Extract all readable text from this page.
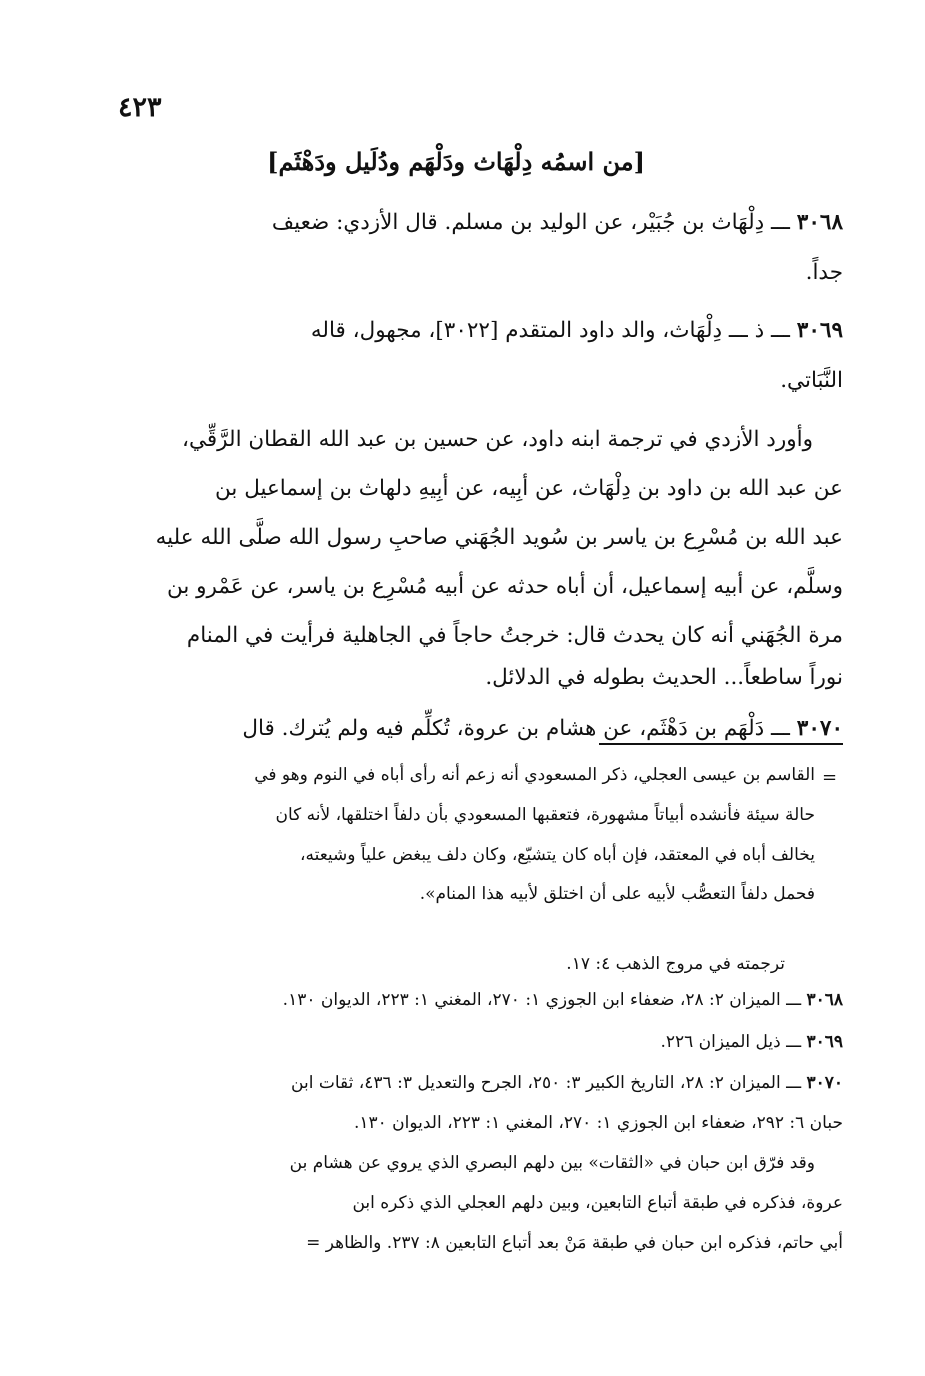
٤٢٣
[من اسمُه دِلْهَاث ودَلْهَم ودُلَيل ودَهْثَم]
٣٠٦٨ ـــ دِلْهَاث بن جُبَيْر، عن الوليد بن مسلم. قال الأزدي: ضعيف
جداً.
٣٠٦٩ ـــ ذ ـــ دِلْهَاث، والد داود المتقدم [٣٠٢٢]، مجهول، قاله
النَّبَاتي.
وأورد الأزدي في ترجمة ابنه داود، عن حسين بن عبد الله القطان الرَّقِّي،
عن عبد الله بن داود بن دِلْهَاث، عن أبِيه، عن أبِيهِ دلهاث بن إسماعيل بن
عبد الله بن مُسْرِع بن ياسر بن سُويد الجُهَني صاحبِ رسول الله صلَّى الله عليه
وسلَّم، عن أبيه إسماعيل، أن أباه حدثه عن أبيه مُسْرِع بن ياسر، عن عَمْرو بن
مرة الجُهَني أنه كان يحدث قال: خرجتُ حاجاً في الجاهلية فرأيت في المنام
نوراً ساطعاً... الحديث بطوله في الدلائل.
٣٠٧٠ ـــ دَلْهَم بن دَهْثَم، عن هشام بن عروة، تُكلِّم فيه ولم يُترك. قال
=
القاسم بن عيسى العجلي، ذكر المسعودي أنه زعم أنه رأى أباه في النوم وهو في
حالة سيئة فأنشده أبياتاً مشهورة، فتعقبها المسعودي بأن دلفاً اختلقها، لأنه كان
يخالف أباه في المعتقد، فإن أباه كان يتشيّع، وكان دلف يبغض علياً وشيعته،
فحمل دلفاً التعصُّب لأبيه على أن اختلق لأبيه هذا المنام».
ترجمته في مروج الذهب ٤: ١٧.
٣٠٦٨ ـــ الميزان ٢: ٢٨، ضعفاء ابن الجوزي ١: ٢٧٠، المغني ١: ٢٢٣، الديوان ١٣٠.
٣٠٦٩ ـــ ذيل الميزان ٢٢٦.
٣٠٧٠ ـــ الميزان ٢: ٢٨، التاريخ الكبير ٣: ٢٥٠، الجرح والتعديل ٣: ٤٣٦، ثقات ابن
حبان ٦: ٢٩٢، ضعفاء ابن الجوزي ١: ٢٧٠، المغني ١: ٢٢٣، الديوان ١٣٠.
وقد فرّق ابن حبان في «الثقات» بين دلهم البصري الذي يروي عن هشام بن
عروة، فذكره في طبقة أتباع التابعين، وبين دلهم العجلي الذي ذكره ابن
أبي حاتم، فذكره ابن حبان في طبقة مَنْ بعد أتباع التابعين ٨: ٢٣٧. والظاهر =
